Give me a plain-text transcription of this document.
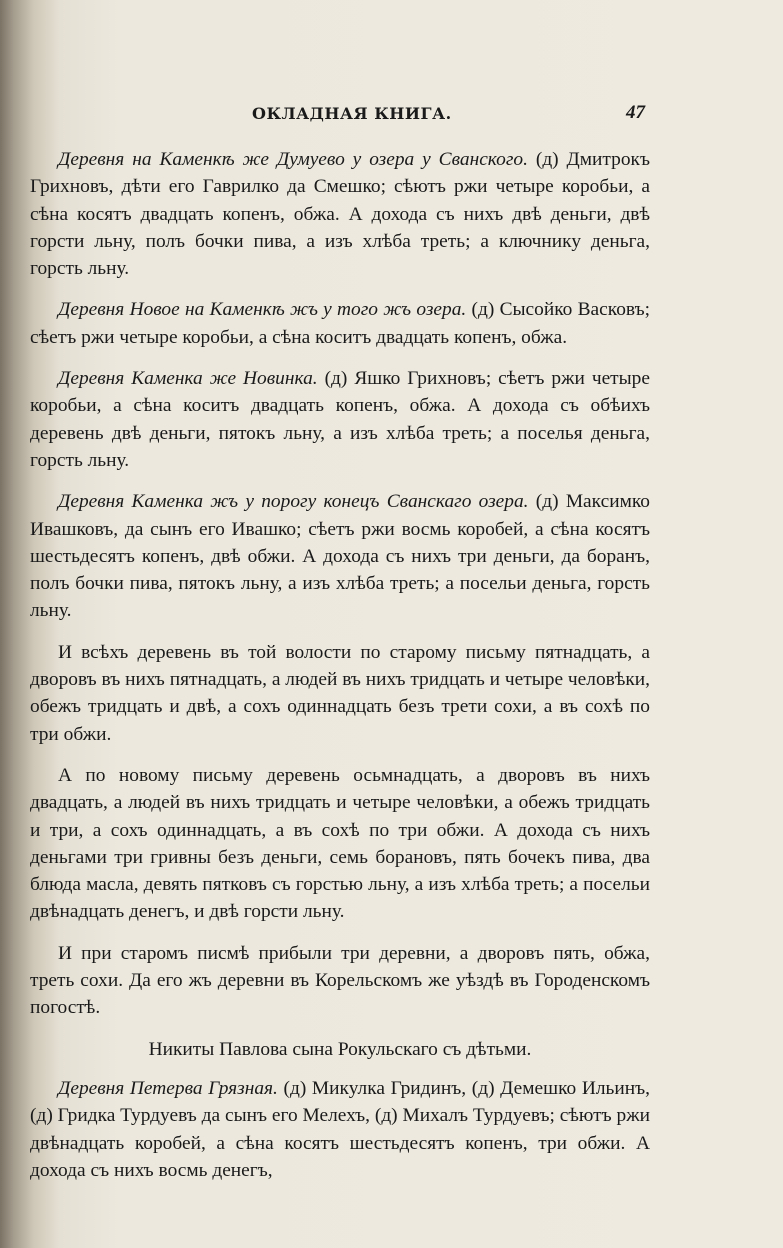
ОКЛАДНАЯ КНИГА.	47

Деревня на Каменкѣ же Думуево у озера у Сванского. (д) Дмитрокъ Грихновъ, дѣти его Гаврилко да Смешко; сѣютъ ржи четыре коробьи, а сѣна косятъ двадцать копенъ, обжа. А дохода съ нихъ двѣ деньги, двѣ горсти льну, полъ бочки пива, а изъ хлѣба треть; а ключнику деньга, горсть льну.

Деревня Новое на Каменкѣ жъ у того жъ озера. (д) Сысойко Васковъ; сѣетъ ржи четыре коробьи, а сѣна коситъ двадцать копенъ, обжа.

Деревня Каменка же Новинка. (д) Яшко Грихновъ; сѣетъ ржи четыре коробьи, а сѣна коситъ двадцать копенъ, обжа. А дохода съ обѣихъ деревень двѣ деньги, пятокъ льну, а изъ хлѣба треть; а поселья деньга, горсть льну.

Деревня Каменка жъ у порогу конецъ Сванскаго озера. (д) Максимко Ивашковъ, да сынъ его Ивашко; сѣетъ ржи восмь коробей, а сѣна косятъ шестьдесятъ копенъ, двѣ обжи. А дохода съ нихъ три деньги, да боранъ, полъ бочки пива, пятокъ льну, а изъ хлѣба треть; а посельи деньга, горсть льну.

И всѣхъ деревень въ той волости по старому письму пятнадцать, а дворовъ въ нихъ пятнадцать, а людей въ нихъ тридцать и четыре человѣки, обежъ тридцать и двѣ, а сохъ одиннадцать безъ трети сохи, а въ сохѣ по три обжи.

А по новому письму деревень осьмнадцать, а дворовъ въ нихъ двадцать, а людей въ нихъ тридцать и четыре человѣки, а обежъ тридцать и три, а сохъ одиннадцать, а въ сохѣ по три обжи. А дохода съ нихъ деньгами три гривны безъ деньги, семь борановъ, пять бочекъ пива, два блюда масла, девять пятковъ съ горстью льну, а изъ хлѣба треть; а посельи двѣнадцать денегъ, и двѣ горсти льну.

И при старомъ писмѣ прибыли три деревни, а дворовъ пять, обжа, треть сохи. Да его жъ деревни въ Корельскомъ же уѣздѣ въ Городенскомъ погостѣ.

Никиты Павлова сына Рокульскаго съ дѣтьми.

Деревня Петерва Грязная. (д) Микулка Гридинъ, (д) Демешко Ильинъ, (д) Гридка Турдуевъ да сынъ его Мелехъ, (д) Михалъ Турдуевъ; сѣютъ ржи двѣнадцать коробей, а сѣна косятъ шестьдесятъ копенъ, три обжи. А дохода съ нихъ восмь денегъ,
